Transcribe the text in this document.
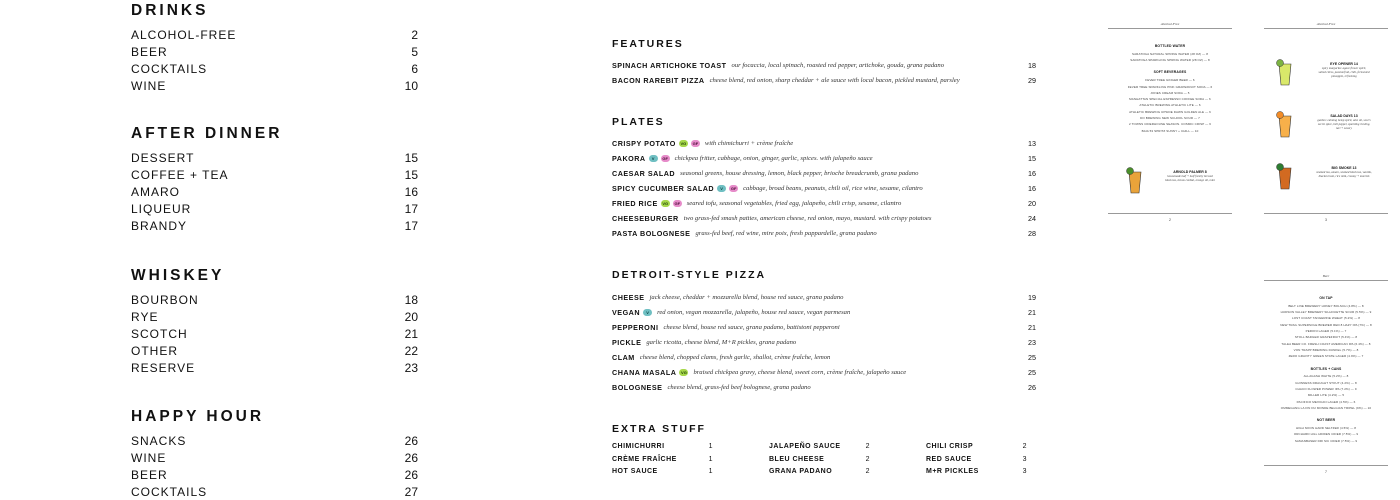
DRINKS
ALCOHOL-FREE	2
BEER	5
COCKTAILS	6
WINE	10
AFTER DINNER
DESSERT	15
COFFEE + TEA	15
AMARO	16
LIQUEUR	17
BRANDY	17
WHISKEY
BOURBON	18
RYE	20
SCOTCH	21
OTHER	22
RESERVE	23
HAPPY HOUR
SNACKS	26
WINE	26
BEER	26
COCKTAILS	27
FEATURES
SPINACH ARTICHOKE TOAST our focaccia, local spinach, roasted red pepper, artichoke, gouda, grana padano	18
BACON RAREBIT PIZZA cheese blend, red onion, sharp cheddar + ale sauce with local bacon, pickled mustard, parsley	29
PLATES
CRISPY POTATO	VG	GF with chimichurri + crème fraîche	13
PAKORA	V	GF chickpea fritter, cabbage, onion, ginger, garlic, spices. with jalapeño sauce	15
CAESAR SALAD seasonal greens, house dressing, lemon, black pepper, brioche breadcrumb, grana padano	16
SPICY CUCUMBER SALAD	V	GF cabbage, broad beans, peanuts, chili oil, rice wine, sesame, cilantro	16
FRIED RICE	VG	GF seared tofu, seasonal vegetables, fried egg, jalapeño, chili crisp, sesame, cilantro	20
CHEESEBURGER two grass-fed smash patties, american cheese, red onion, mayo, mustard. with crispy potatoes	24
PASTA BOLOGNESE grass-fed beef, red wine, mire poix, fresh pappardelle, grana padano	28
DETROIT-STYLE PIZZA
CHEESE jack cheese, cheddar + mozzarella blend, house red sauce, grana padano	19
VEGAN	V	red onion, vegan mozzarella, jalapeño, house red sauce, vegan parmesan	21
PEPPERONI cheese blend, house red sauce, grana padano, battistoni pepperoni	21
PICKLE garlic ricotta, cheese blend, M+R pickles, grana padano	23
CLAM cheese blend, chopped clams, fresh garlic, shallot, crème fraîche, lemon	25
CHANA MASALA	VG braised chickpea gravy, cheese blend, sweet corn, crème fraîche, jalapeño sauce	25
BOLOGNESE cheese blend, grass-fed beef bolognese, grana padano	26
EXTRA STUFF
CHIMICHURRI	1	JALAPEÑO SAUCE	2	CHILI CRISP	2
CRÈME FRAÎCHE	1	BLEU CHEESE	2	RED SAUCE	3
HOT SAUCE	1	GRANA PADANO	2	M+R PICKLES	3
Alcohol-Free
2
BOTTLED WATER
SARATOGA NATURAL SPRING WATER (28 OZ) — 8
SARATOGA SPARKLING SPRING WATER (28 OZ) — 8
SOFT BEVERAGES
FEVER TREE GINGER BEER — 6
FEVER TREE SPARKLING PINK GRAPEFRUIT SODA — 6
JONES CREAM SODA — 5
MANHATTAN SPECIAL ESPRESSO COFFEE SODA — 6
ATHLETIC BREWING ATHLETIC LITE — 6
ATHLETIC BREWING UPSIDE DAWN GOLDEN ALE — 6
DO BREWING NEW SCHOOL SOUR — 7
2 TOWNS CIDERHOUSE SEASON. COSMIC CRISP — 6
BAIA 53 SPRITZ SUNNY + CHILL — 10
ARNOLD PALMER 8
housemade half + half freshly brewed
black tea, lemon cordial, orange oil, mint
Alcohol-Free
3
EYE OPENER 14
spicy margarita: agave flower spirit,
salted citrus, passionfruit, chili, fermented
pineapple, refreshing
SALAD DAYS 13
garden: calming hemp spirit, aloe oil, sour's
secret spice, bell pepper, sparkling riesling,
tart + savory
BIG SMOKE 13
smoked tea, amaro, smoked black tea, vanilla,
blackcurrant, rice milk, creamy + moreish
Beer
7
ON TAP
BELT LINE BREWERY HONEY BOLSCH (4.8%) — 8
HUDSON VALLEY BREWERY SILHOUETTE SOUR (5.5%) — 9
LOST COAST TANGERINE WHEAT (5.2%) — 8
NEW TRAIL SUPERSOLE BREWER RED 8 HAZY IPA (7%) — 8
PERONI LAGER (5.1%) — 7
STOLL BADGER GRAPEFRUIT (5.4%) — 8
TALEA BEER CO. FRESH COAST AMERICAN IPA (6.4%) — 8
VON TRAPP BREWING DUNKEL (5.7%) — 8
ZERO GRAVITY GREEN STATE LAGER (4.9%) — 7
BOTTLES + CANS
ALLAGASH WHITE (5.2%) — 8
GUINNESS DRAUGHT STOUT (4.2%) — 8
CHACO FLOWER POWER IPA (7.2%) — 9
MILLER LITE (4.2%) — 5
PACIFICO MEXICAN LAGER (4.5%) — 6
OMMEGANG LA FIN DU MONDE BELGIAN TRIPEL (9%) — 10
NOT BEER
HIGH NOON HARD SELTZER (4.5%) — 8
ORCHARD HILL HIDDEN CIDER (7.5%) — 9
SAMANBASER DRI SIC CIDER (7.5%) — 9
